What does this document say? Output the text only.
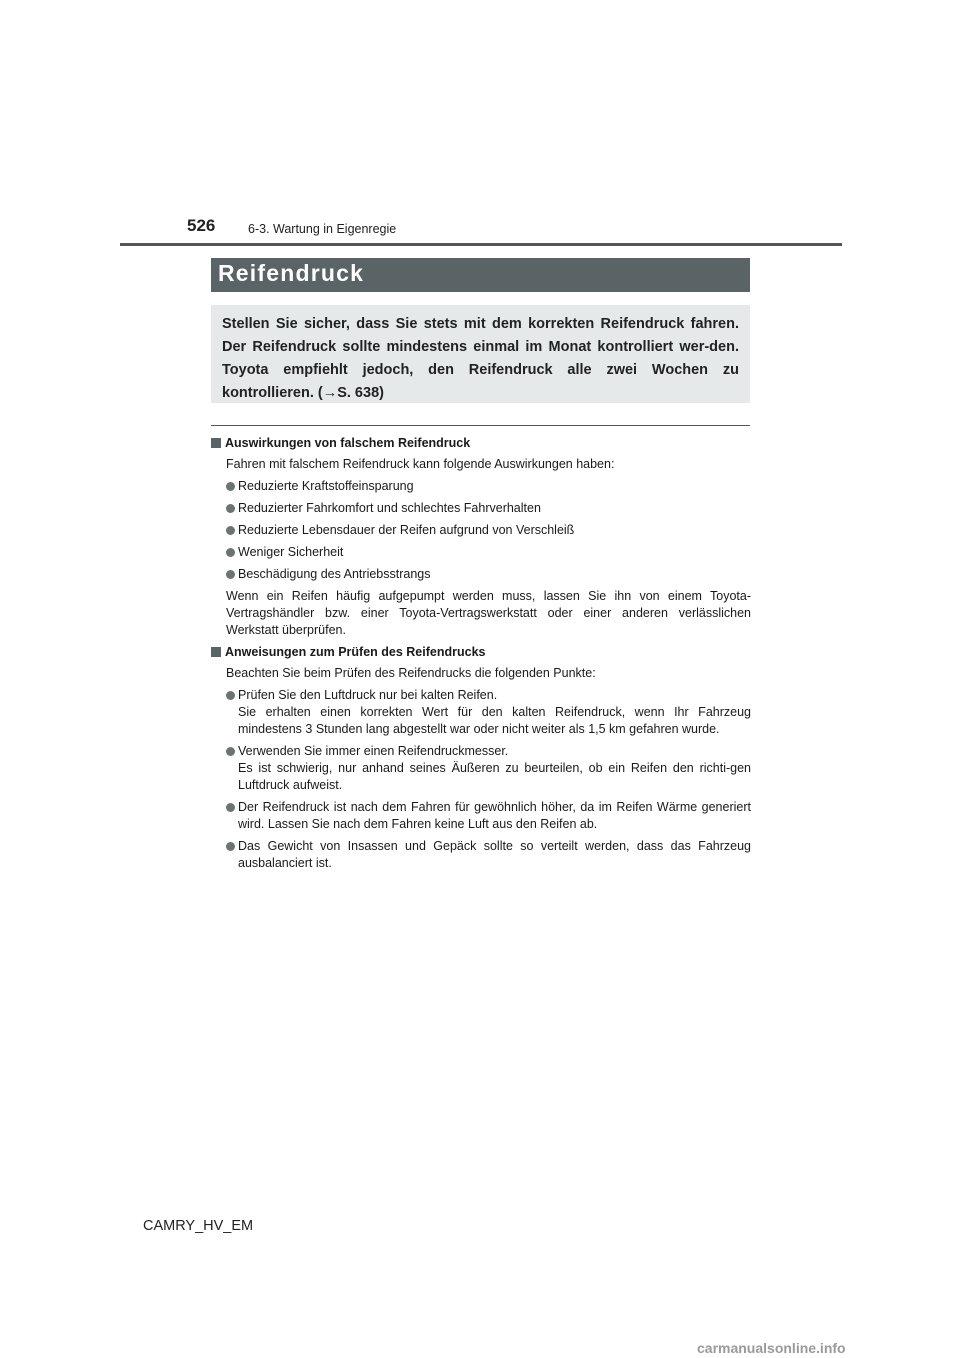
526	6-3. Wartung in Eigenregie
Reifendruck
Stellen Sie sicher, dass Sie stets mit dem korrekten Reifendruck fahren. Der Reifendruck sollte mindestens einmal im Monat kontrolliert wer-den. Toyota empfiehlt jedoch, den Reifendruck alle zwei Wochen zu kontrollieren. (→S. 638)
Auswirkungen von falschem Reifendruck
Fahren mit falschem Reifendruck kann folgende Auswirkungen haben:
Reduzierte Kraftstoffeinsparung
Reduzierter Fahrkomfort und schlechtes Fahrverhalten
Reduzierte Lebensdauer der Reifen aufgrund von Verschleiß
Weniger Sicherheit
Beschädigung des Antriebsstrangs
Wenn ein Reifen häufig aufgepumpt werden muss, lassen Sie ihn von einem Toyota-Vertragshändler bzw. einer Toyota-Vertragswerkstatt oder einer anderen verlässlichen Werkstatt überprüfen.
Anweisungen zum Prüfen des Reifendrucks
Beachten Sie beim Prüfen des Reifendrucks die folgenden Punkte:
Prüfen Sie den Luftdruck nur bei kalten Reifen.
Sie erhalten einen korrekten Wert für den kalten Reifendruck, wenn Ihr Fahrzeug mindestens 3 Stunden lang abgestellt war oder nicht weiter als 1,5 km gefahren wurde.
Verwenden Sie immer einen Reifendruckmesser.
Es ist schwierig, nur anhand seines Äußeren zu beurteilen, ob ein Reifen den richti-gen Luftdruck aufweist.
Der Reifendruck ist nach dem Fahren für gewöhnlich höher, da im Reifen Wärme generiert wird. Lassen Sie nach dem Fahren keine Luft aus den Reifen ab.
Das Gewicht von Insassen und Gepäck sollte so verteilt werden, dass das Fahrzeug ausbalanciert ist.
CAMRY_HV_EM
carmanualsonline.info
